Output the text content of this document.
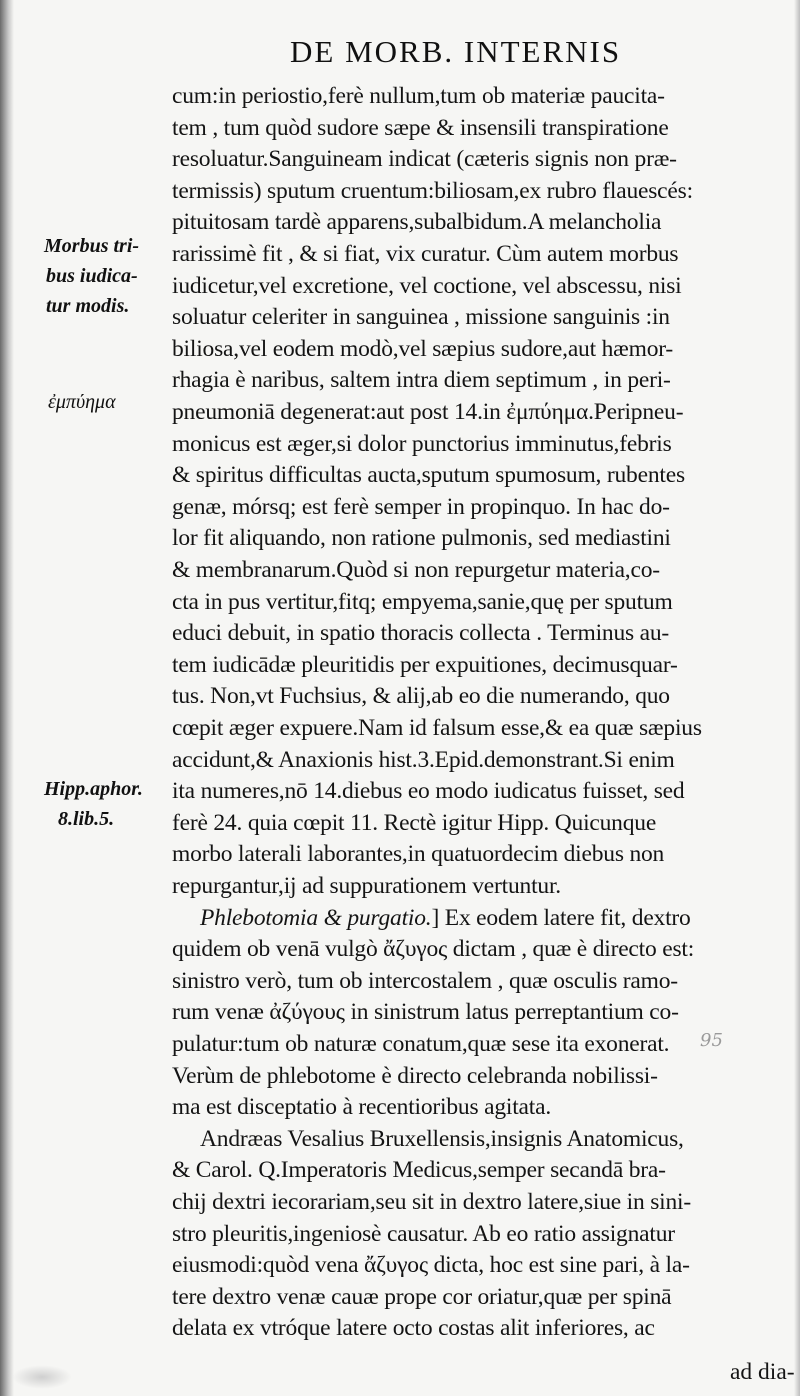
DE MORB. INTERNIS
Morbus tri-
bus iudica-
tur modis.
ἐμπύημα
Hipp.aphor.
8.lib.5.
cum:in periostio,ferè nullum,tum ob materiæ paucita-
tem , tum quòd sudore sæpe & insensili transpiratione
resoluatur.Sanguineam indicat (cæteris signis non præ-
termissis) sputum cruentum:biliosam,ex rubro flauescés:
pituitosam tardè apparens,subalbidum.A melancholia
rarissimè fit , & si fiat, vix curatur. Cùm autem morbus
iudicetur,vel excretione, vel coctione, vel abscessu, nisi
soluatur celeriter in sanguinea , missione sanguinis :in
biliosa,vel eodem modò,vel sæpius sudore,aut hæmor-
rhagia è naribus, saltem intra diem septimum , in peri-
pneumoniā degenerat:aut post 14.in ἐμπύημα.Peripneu-
monicus est æger,si dolor punctorius imminutus,febris
& spiritus difficultas aucta,sputum spumosum, rubentes
genæ, mórsq; est ferè semper in propinquo. In hac do-
lor fit aliquando, non ratione pulmonis, sed mediastini
& membranarum.Quòd si non repurgetur materia,co-
cta in pus vertitur,fitq; empyema,sanie,quę per sputum
educi debuit, in spatio thoracis collecta . Terminus au-
tem iudicādæ pleuritidis per expuitiones, decimusquar-
tus. Non,vt Fuchsius, & alij,ab eo die numerando, quo
cœpit æger expuere.Nam id falsum esse,& ea quæ sæpius
accidunt,& Anaxionis hist.3.Epid.demonstrant.Si enim
ita numeres,nō 14.diebus eo modo iudicatus fuisset, sed
ferè 24. quia cœpit 11. Rectè igitur Hipp. Quicunque
morbo laterali laborantes,in quatuordecim diebus non
repurgantur,ij ad suppurationem vertuntur.
Phlebotomia & purgatio.] Ex eodem latere fit, dextro
quidem ob venā vulgò ἄζυγος dictam , quæ è directo est:
sinistro verò, tum ob intercostalem , quæ osculis ramo-
rum venæ ἀζύγους in sinistrum latus perreptantium co-
pulatur:tum ob naturæ conatum,quæ sese ita exonerat.
Verùm de phlebotome è directo celebranda nobilissi-
ma est disceptatio à recentioribus agitata.
Andræas Vesalius Bruxellensis,insignis Anatomicus,
& Carol. Q.Imperatoris Medicus,semper secandā bra-
chij dextri iecorariam,seu sit in dextro latere,siue in sini-
stro pleuritis,ingeniosè causatur. Ab eo ratio assignatur
eiusmodi:quòd vena ἄζυγος dicta, hoc est sine pari, à la-
tere dextro venæ cauæ prope cor oriatur,quæ per spinā
delata ex vtróque latere octo costas alit inferiores, ac
ad dia-
95
